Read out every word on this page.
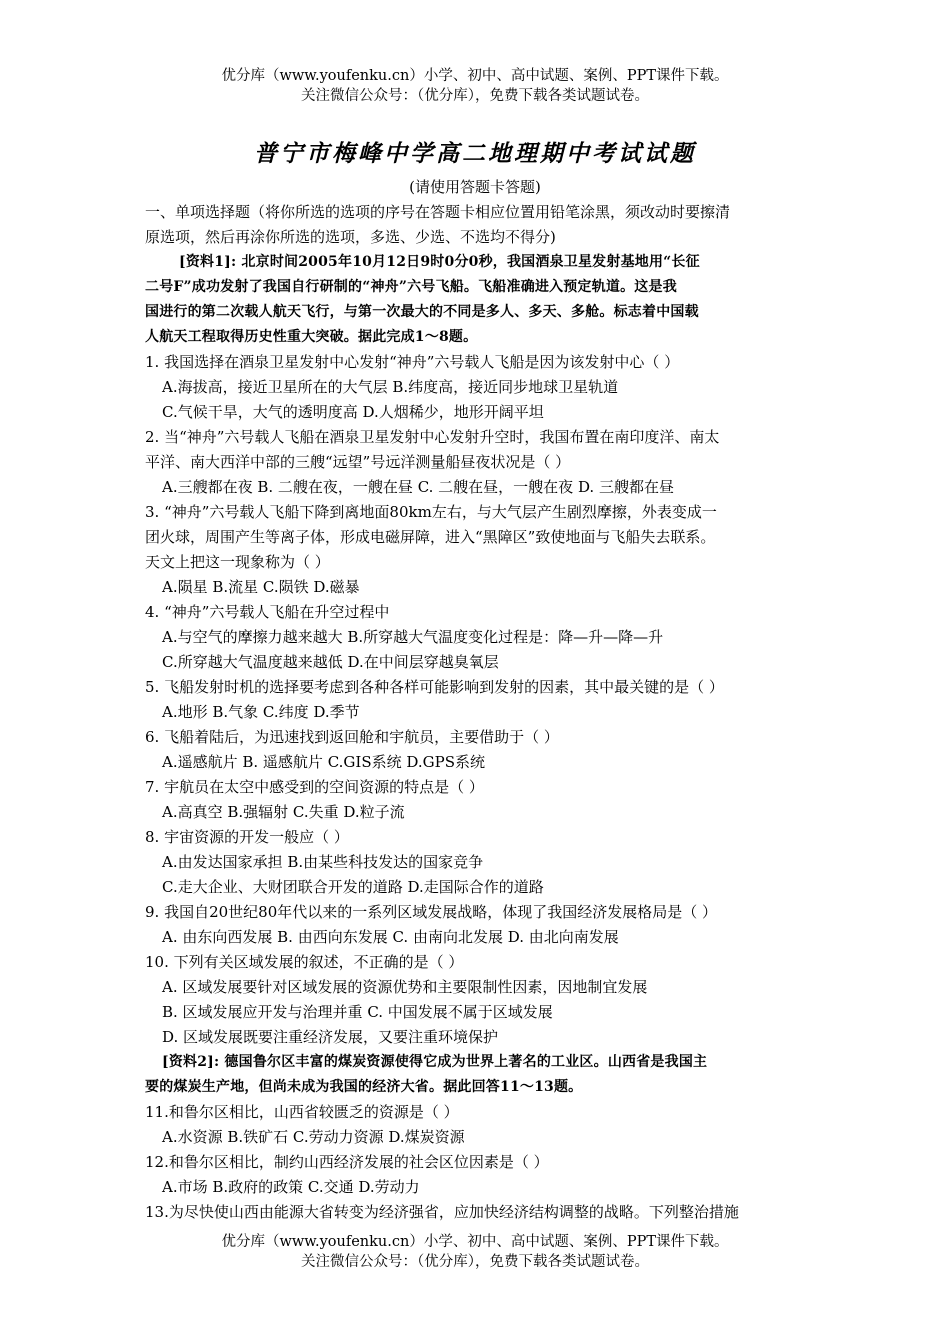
优分库（www.youfenku.cn）小学、初中、高中试题、案例、PPT课件下载。
关注微信公众号：（优分库），免费下载各类试题试卷。
普宁市梅峰中学高二地理期中考试试题
(请使用答题卡答题)
一、单项选择题（将你所选的选项的序号在答题卡相应位置用铅笔涂黑，须改动时要擦清
原选项，然后再涂你所选的选项，多选、少选、不选均不得分)
[资料1]: 北京时间2005年10月12日9时0分0秒，我国酒泉卫星发射基地用“长征
二号F”成功发射了我国自行研制的“神舟”六号飞船。飞船准确进入预定轨道。这是我
国进行的第二次载人航天飞行，与第一次最大的不同是多人、多天、多舱。标志着中国载
人航天工程取得历史性重大突破。据此完成1～8题。
1. 我国选择在酒泉卫星发射中心发射“神舟”六号载人飞船是因为该发射中心（ ）
A.海拔高，接近卫星所在的大气层 B.纬度高，接近同步地球卫星轨道
C.气候干旱，大气的透明度高 D.人烟稀少，地形开阔平坦
2. 当“神舟”六号载人飞船在酒泉卫星发射中心发射升空时，我国布置在南印度洋、南太
平洋、南大西洋中部的三艘“远望”号远洋测量船昼夜状况是（ ）
A.三艘都在夜 B. 二艘在夜，一艘在昼 C. 二艘在昼，一艘在夜 D. 三艘都在昼
3. “神舟”六号载人飞船下降到离地面80km左右，与大气层产生剧烈摩擦，外表变成一
团火球，周围产生等离子体，形成电磁屏障，进入“黑障区”致使地面与飞船失去联系。
天文上把这一现象称为（ ）
A.陨星 B.流星 C.陨铁 D.磁暴
4. “神舟”六号载人飞船在升空过程中
A.与空气的摩擦力越来越大 B.所穿越大气温度变化过程是：降—升—降—升
C.所穿越大气温度越来越低 D.在中间层穿越臭氧层
5. 飞船发射时机的选择要考虑到各种各样可能影响到发射的因素，其中最关键的是（ ）
A.地形 B.气象 C.纬度 D.季节
6. 飞船着陆后，为迅速找到返回舱和宇航员，主要借助于（ ）
A.遥感航片 B. 遥感航片 C.GIS系统 D.GPS系统
7. 宇航员在太空中感受到的空间资源的特点是（ ）
A.高真空 B.强辐射 C.失重 D.粒子流
8. 宇宙资源的开发一般应（ ）
A.由发达国家承担 B.由某些科技发达的国家竞争
C.走大企业、大财团联合开发的道路 D.走国际合作的道路
9. 我国自20世纪80年代以来的一系列区域发展战略，体现了我国经济发展格局是（ ）
A. 由东向西发展 B. 由西向东发展 C. 由南向北发展 D. 由北向南发展
10. 下列有关区域发展的叙述，不正确的是（ ）
A. 区域发展要针对区域发展的资源优势和主要限制性因素，因地制宜发展
B. 区域发展应开发与治理并重 C. 中国发展不属于区域发展
D. 区域发展既要注重经济发展，又要注重环境保护
[资料2]: 德国鲁尔区丰富的煤炭资源使得它成为世界上著名的工业区。山西省是我国主
要的煤炭生产地，但尚未成为我国的经济大省。据此回答11～13题。
11.和鲁尔区相比，山西省较匮乏的资源是（ ）
A.水资源 B.铁矿石 C.劳动力资源 D.煤炭资源
12.和鲁尔区相比，制约山西经济发展的社会区位因素是（ ）
A.市场 B.政府的政策 C.交通 D.劳动力
13.为尽快使山西由能源大省转变为经济强省，应加快经济结构调整的战略。下列整治措施
优分库（www.youfenku.cn）小学、初中、高中试题、案例、PPT课件下载。
关注微信公众号：（优分库），免费下载各类试题试卷。
